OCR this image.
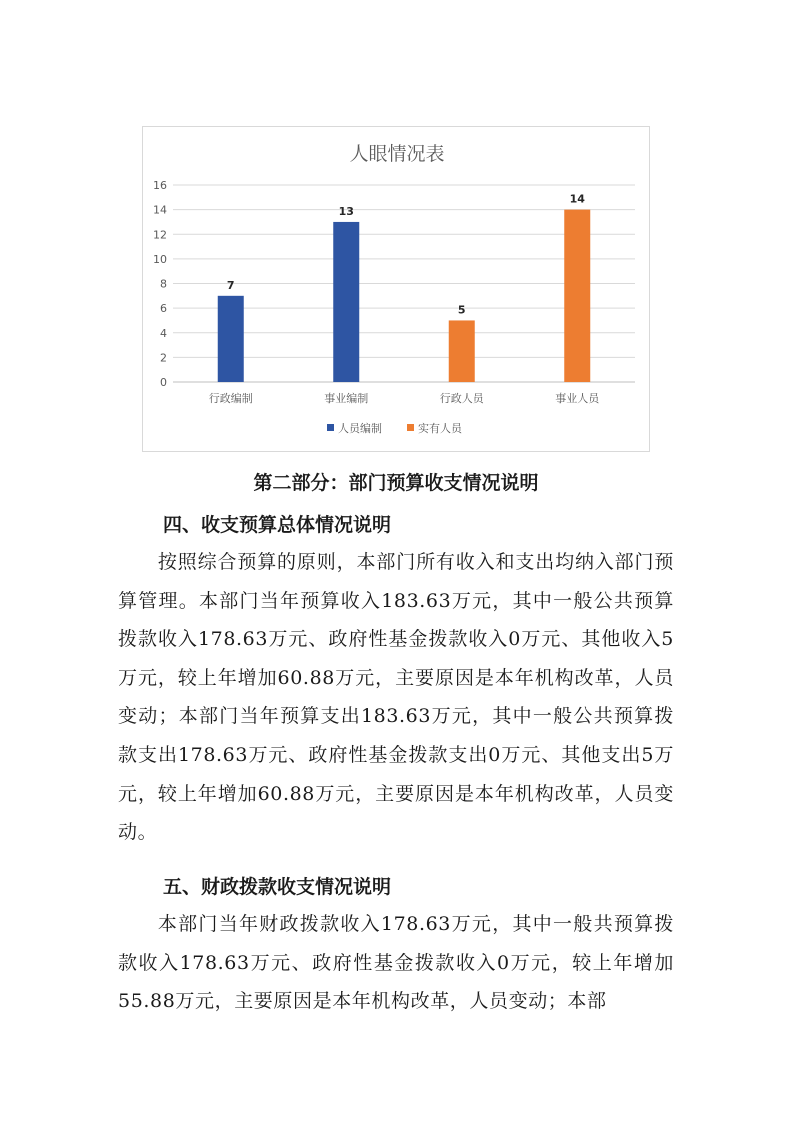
人眼情况表
0
2
4
6
8
10
12
14
16
行政编制
7
事业编制
13
行政人员
5
事业人员
14
人员编制	实有人员
第二部分：部门预算收支情况说明
四、收支预算总体情况说明

按照综合预算的原则，本部门所有收入和支出均纳入部门预算管理。本部门当年预算收入183.63万元，其中一般公共预算拨款收入178.63万元、政府性基金拨款收入0万元、其他收入5万元，较上年增加60.88万元，主要原因是本年机构改革，人员变动；本部门当年预算支出183.63万元，其中一般公共预算拨款支出178.63万元、政府性基金拨款支出0万元、其他支出5万元，较上年增加60.88万元，主要原因是本年机构改革，人员变动。

五、财政拨款收支情况说明

本部门当年财政拨款收入178.63万元，其中一般共预算拨款收入178.63万元、政府性基金拨款收入0万元，较上年增加55.88万元，主要原因是本年机构改革，人员变动；本部
